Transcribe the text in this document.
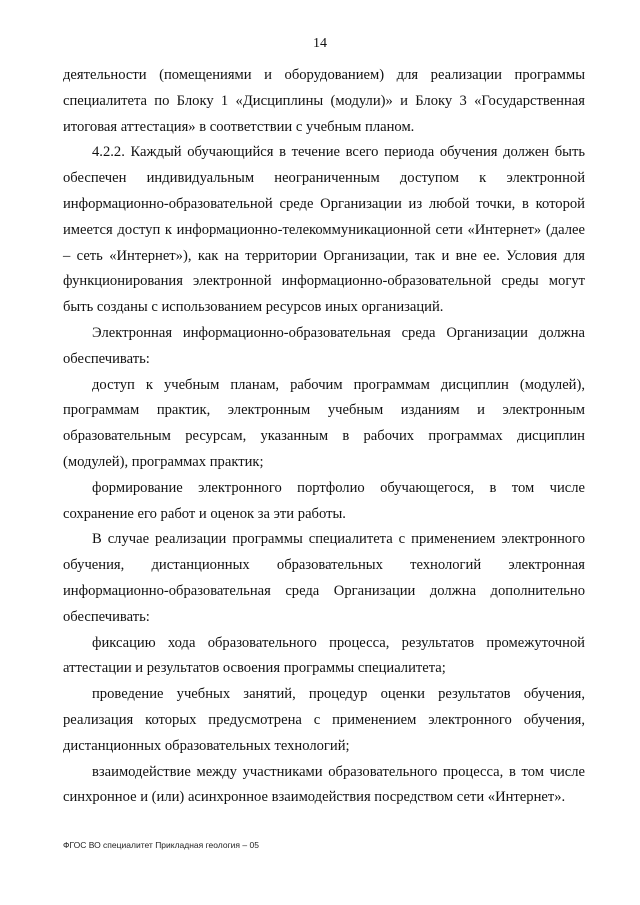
14

деятельности (помещениями и оборудованием) для реализации программы специалитета по Блоку 1 «Дисциплины (модули)» и Блоку 3 «Государственная итоговая аттестация» в соответствии с учебным планом.

4.2.2. Каждый обучающийся в течение всего периода обучения должен быть обеспечен индивидуальным неограниченным доступом к электронной информационно-образовательной среде Организации из любой точки, в которой имеется доступ к информационно-телекоммуникационной сети «Интернет» (далее – сеть «Интернет»), как на территории Организации, так и вне ее. Условия для функционирования электронной информационно-образовательной среды могут быть созданы с использованием ресурсов иных организаций.

Электронная информационно-образовательная среда Организации должна обеспечивать:

доступ к учебным планам, рабочим программам дисциплин (модулей), программам практик, электронным учебным изданиям и электронным образовательным ресурсам, указанным в рабочих программах дисциплин (модулей), программах практик;

формирование электронного портфолио обучающегося, в том числе сохранение его работ и оценок за эти работы.

В случае реализации программы специалитета с применением электронного обучения, дистанционных образовательных технологий электронная информационно-образовательная среда Организации должна дополнительно обеспечивать:

фиксацию хода образовательного процесса, результатов промежуточной аттестации и результатов освоения программы специалитета;

проведение учебных занятий, процедур оценки результатов обучения, реализация которых предусмотрена с применением электронного обучения, дистанционных образовательных технологий;

взаимодействие между участниками образовательного процесса, в том числе синхронное и (или) асинхронное взаимодействия посредством сети «Интернет».

ФГОС ВО специалитет Прикладная геология – 05
